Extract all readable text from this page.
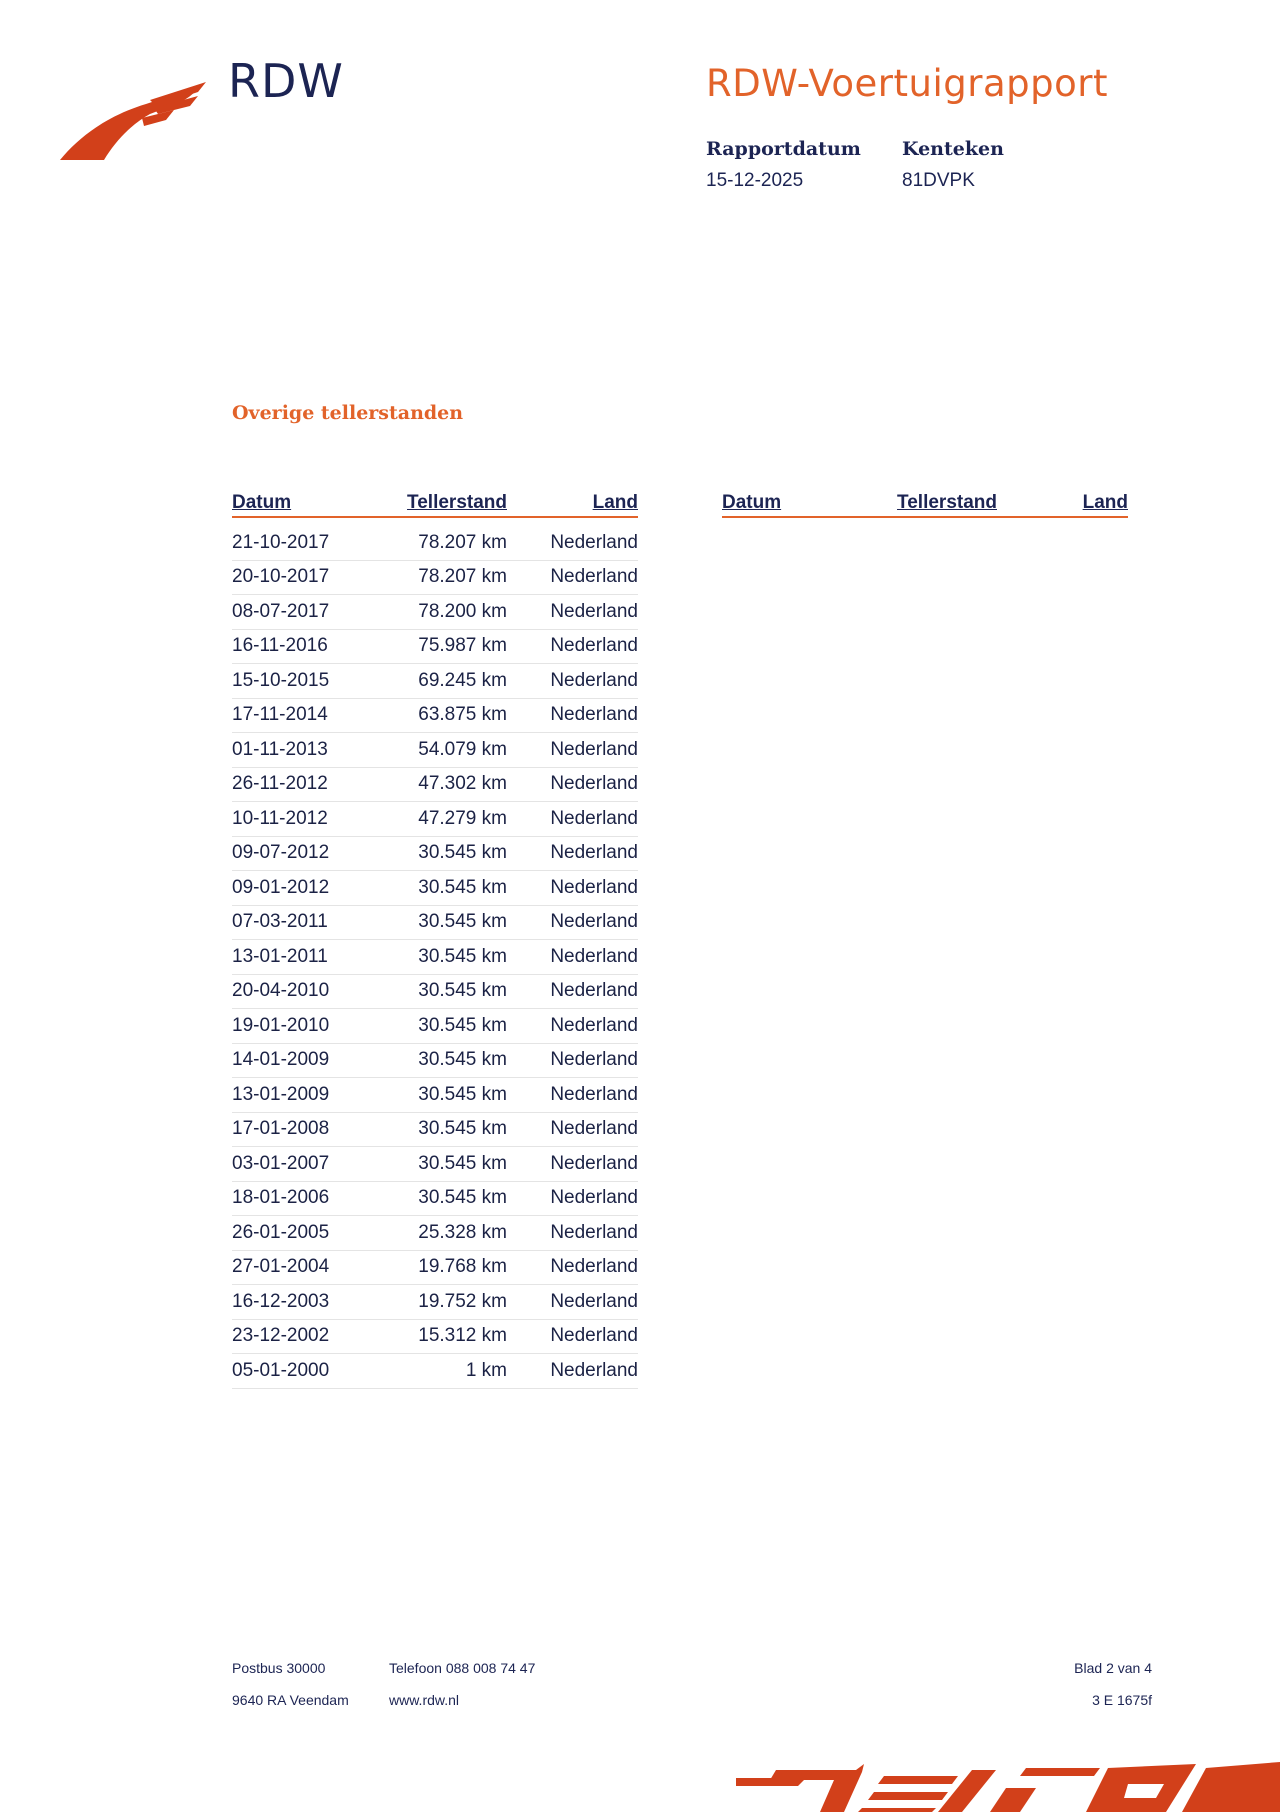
RDW	RDW-Voertuigrapport
Rapportdatum
15-12-2025
Kenteken
81DVPK
Overige tellerstanden
Datum	Tellerstand	Land
21-10-2017	78.207 km	Nederland
20-10-2017	78.207 km	Nederland
08-07-2017	78.200 km	Nederland
16-11-2016	75.987 km	Nederland
15-10-2015	69.245 km	Nederland
17-11-2014	63.875 km	Nederland
01-11-2013	54.079 km	Nederland
26-11-2012	47.302 km	Nederland
10-11-2012	47.279 km	Nederland
09-07-2012	30.545 km	Nederland
09-01-2012	30.545 km	Nederland
07-03-2011	30.545 km	Nederland
13-01-2011	30.545 km	Nederland
20-04-2010	30.545 km	Nederland
19-01-2010	30.545 km	Nederland
14-01-2009	30.545 km	Nederland
13-01-2009	30.545 km	Nederland
17-01-2008	30.545 km	Nederland
03-01-2007	30.545 km	Nederland
18-01-2006	30.545 km	Nederland
26-01-2005	25.328 km	Nederland
27-01-2004	19.768 km	Nederland
16-12-2003	19.752 km	Nederland
23-12-2002	15.312 km	Nederland
05-01-2000	1 km	Nederland
Datum	Tellerstand	Land
Postbus 30000	Telefoon 088 008 74 47
9640 RA Veendam	www.rdw.nl
Blad 2 van 4
3 E 1675f
